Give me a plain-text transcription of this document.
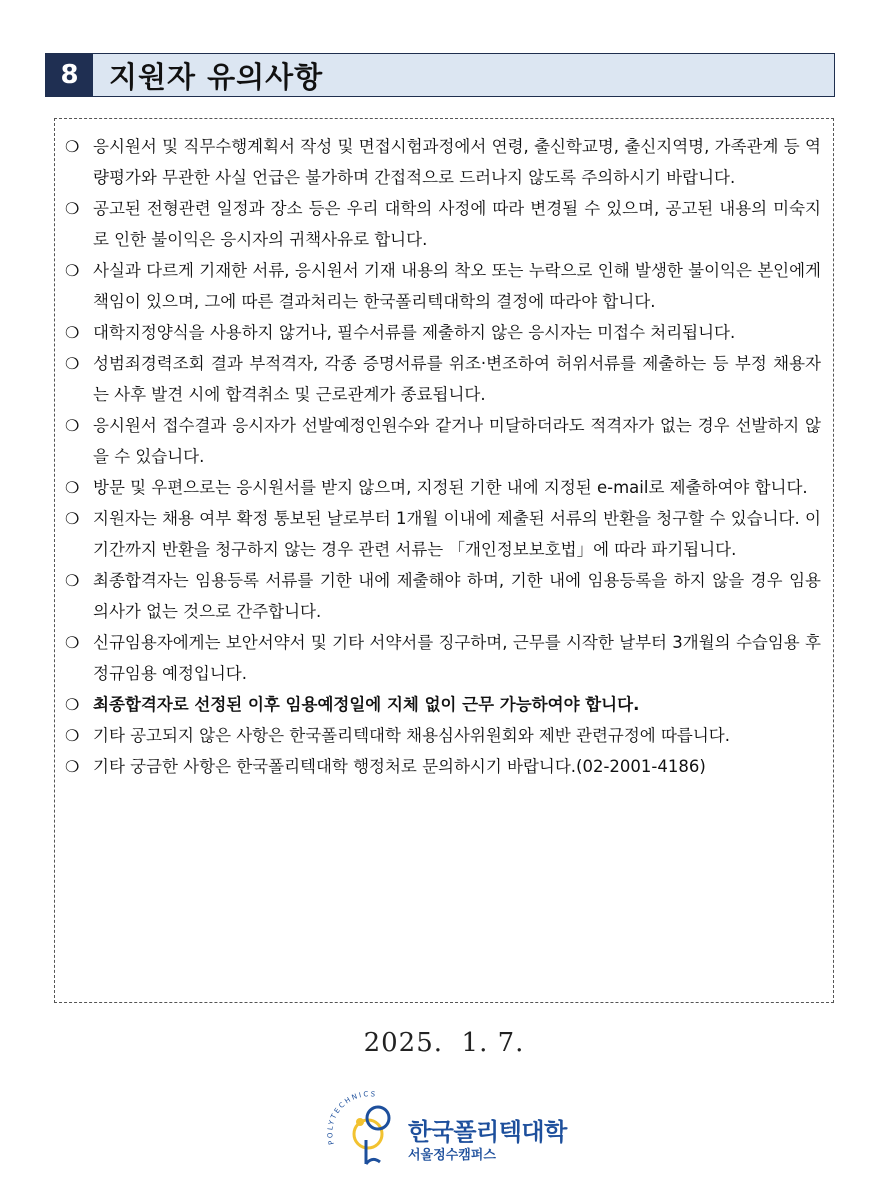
8	지원자 유의사항
❍ 응시원서 및 직무수행계획서 작성 및 면접시험과정에서 연령, 출신학교명, 출신지역명, 가족관계 등 역량평가와 무관한 사실 언급은 불가하며 간접적으로 드러나지 않도록 주의하시기 바랍니다.
❍ 공고된 전형관련 일정과 장소 등은 우리 대학의 사정에 따라 변경될 수 있으며, 공고된 내용의 미숙지로 인한 불이익은 응시자의 귀책사유로 합니다.
❍ 사실과 다르게 기재한 서류, 응시원서 기재 내용의 착오 또는 누락으로 인해 발생한 불이익은 본인에게 책임이 있으며, 그에 따른 결과처리는 한국폴리텍대학의 결정에 따라야 합니다.
❍ 대학지정양식을 사용하지 않거나, 필수서류를 제출하지 않은 응시자는 미접수 처리됩니다.
❍ 성범죄경력조회 결과 부적격자, 각종 증명서류를 위조·변조하여 허위서류를 제출하는 등 부정 채용자는 사후 발견 시에 합격취소 및 근로관계가 종료됩니다.
❍ 응시원서 접수결과 응시자가 선발예정인원수와 같거나 미달하더라도 적격자가 없는 경우 선발하지 않을 수 있습니다.
❍ 방문 및 우편으로는 응시원서를 받지 않으며, 지정된 기한 내에 지정된 e-mail로 제출하여야 합니다.
❍ 지원자는 채용 여부 확정 통보된 날로부터 1개월 이내에 제출된 서류의 반환을 청구할 수 있습니다. 이 기간까지 반환을 청구하지 않는 경우 관련 서류는 「개인정보보호법」에 따라 파기됩니다.
❍ 최종합격자는 임용등록 서류를 기한 내에 제출해야 하며, 기한 내에 임용등록을 하지 않을 경우 임용 의사가 없는 것으로 간주합니다.
❍ 신규임용자에게는 보안서약서 및 기타 서약서를 징구하며, 근무를 시작한 날부터 3개월의 수습임용 후 정규임용 예정입니다.
❍ 최종합격자로 선정된 이후 임용예정일에 지체 없이 근무 가능하여야 합니다.
❍ 기타 공고되지 않은 사항은 한국폴리텍대학 채용심사위원회와 제반 관련규정에 따릅니다.
❍ 기타 궁금한 사항은 한국폴리텍대학 행정처로 문의하시기 바랍니다.(02-2001-4186)
2025.  1. 7.
POLYTECHNICS
한국폴리텍대학
서울정수캠퍼스
